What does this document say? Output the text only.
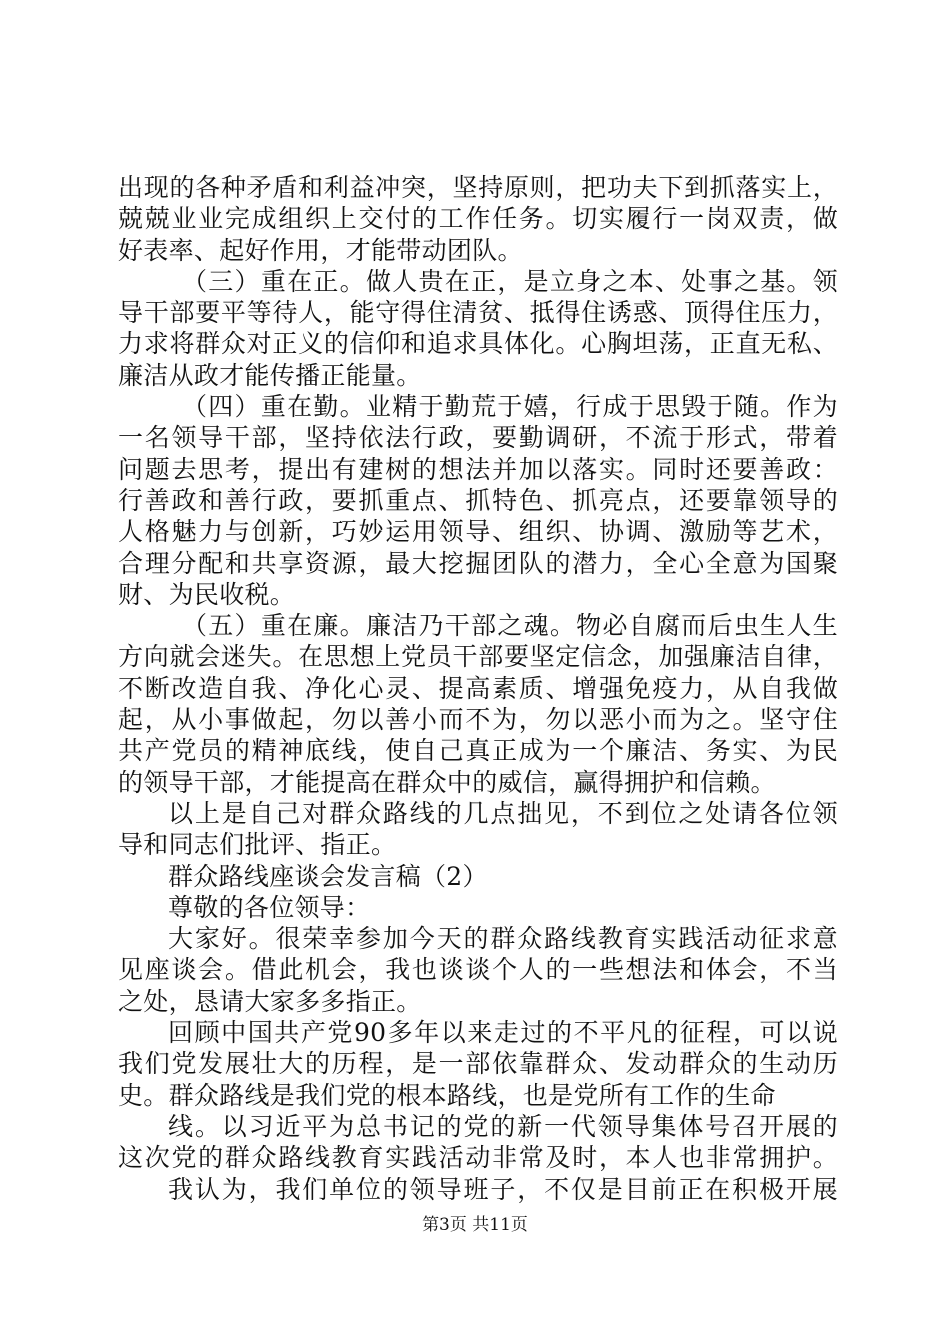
出现的各种矛盾和利益冲突，坚持原则，把功夫下到抓落实上，
兢兢业业完成组织上交付的工作任务。切实履行一岗双责，做
好表率、起好作用，才能带动团队。
（三）重在正。做人贵在正，是立身之本、处事之基。领
导干部要平等待人，能守得住清贫、抵得住诱惑、顶得住压力，
力求将群众对正义的信仰和追求具体化。心胸坦荡，正直无私、
廉洁从政才能传播正能量。
（四）重在勤。业精于勤荒于嬉，行成于思毁于随。作为
一名领导干部，坚持依法行政，要勤调研，不流于形式，带着
问题去思考，提出有建树的想法并加以落实。同时还要善政：
行善政和善行政，要抓重点、抓特色、抓亮点，还要靠领导的
人格魅力与创新，巧妙运用领导、组织、协调、激励等艺术，
合理分配和共享资源，最大挖掘团队的潜力，全心全意为国聚
财、为民收税。
（五）重在廉。廉洁乃干部之魂。物必自腐而后虫生人生
方向就会迷失。在思想上党员干部要坚定信念，加强廉洁自律，
不断改造自我、净化心灵、提高素质、增强免疫力，从自我做
起，从小事做起，勿以善小而不为，勿以恶小而为之。坚守住
共产党员的精神底线，使自己真正成为一个廉洁、务实、为民
的领导干部，才能提高在群众中的威信，赢得拥护和信赖。
以上是自己对群众路线的几点拙见，不到位之处请各位领
导和同志们批评、指正。
群众路线座谈会发言稿（2）
尊敬的各位领导：
大家好。很荣幸参加今天的群众路线教育实践活动征求意
见座谈会。借此机会，我也谈谈个人的一些想法和体会，不当
之处，恳请大家多多指正。
回顾中国共产党90多年以来走过的不平凡的征程，可以说
我们党发展壮大的历程，是一部依靠群众、发动群众的生动历
史。群众路线是我们党的根本路线，也是党所有工作的生命
线。以习近平为总书记的党的新一代领导集体号召开展的
这次党的群众路线教育实践活动非常及时，本人也非常拥护。
我认为，我们单位的领导班子，不仅是目前正在积极开展
第3页 共11页
